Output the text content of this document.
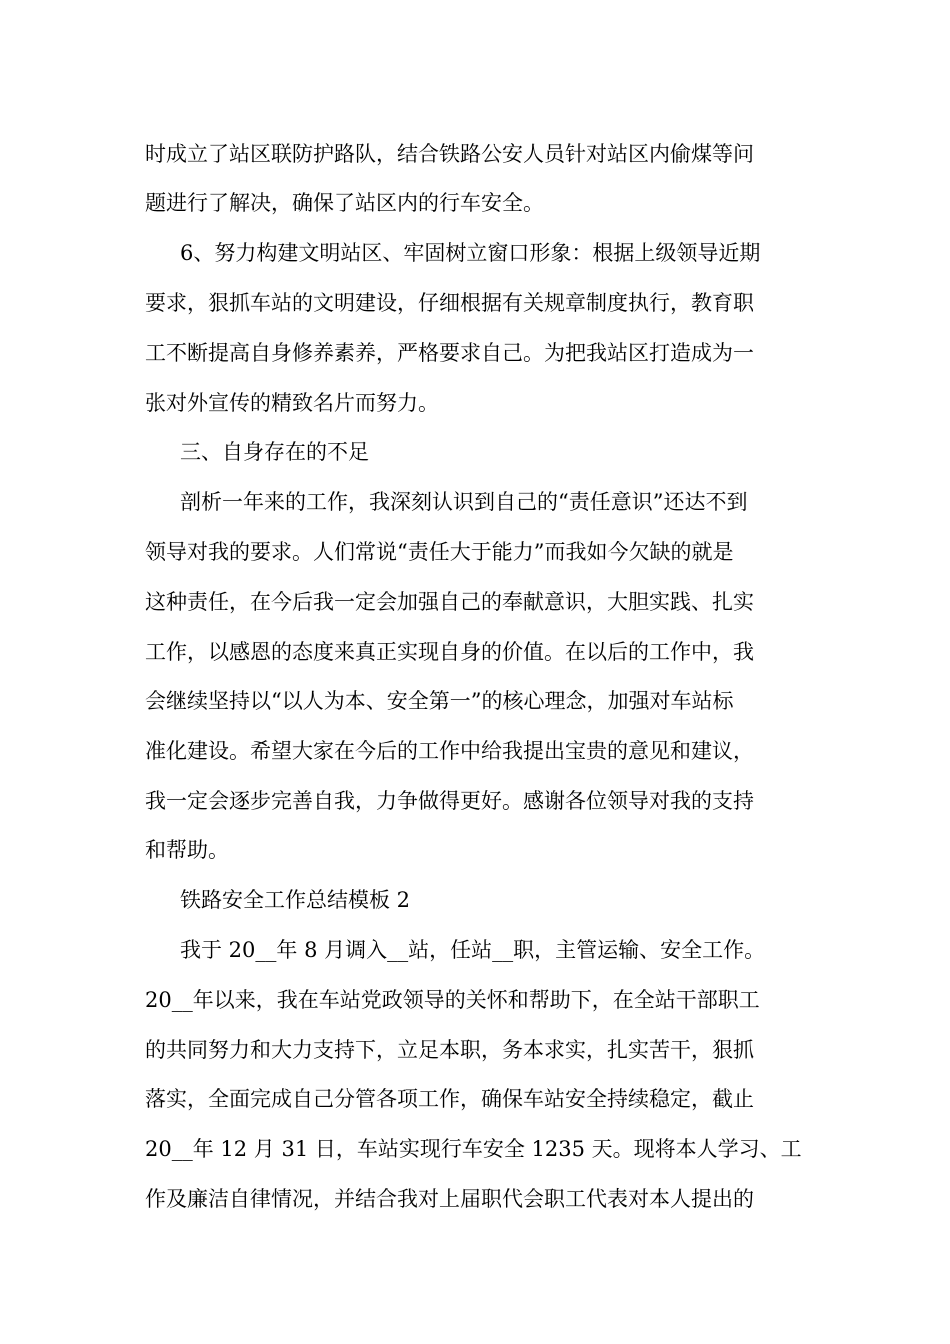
时成立了站区联防护路队，结合铁路公安人员针对站区内偷煤等问

题进行了解决，确保了站区内的行车安全。

6、努力构建文明站区、牢固树立窗口形象：根据上级领导近期

要求，狠抓车站的文明建设，仔细根据有关规章制度执行，教育职

工不断提高自身修养素养，严格要求自己。为把我站区打造成为一

张对外宣传的精致名片而努力。

三、自身存在的不足

剖析一年来的工作，我深刻认识到自己的“责任意识”还达不到

领导对我的要求。人们常说“责任大于能力”而我如今欠缺的就是

这种责任，在今后我一定会加强自己的奉献意识，大胆实践、扎实

工作，以感恩的态度来真正实现自身的价值。在以后的工作中，我

会继续坚持以“以人为本、安全第一”的核心理念，加强对车站标

准化建设。希望大家在今后的工作中给我提出宝贵的意见和建议，

我一定会逐步完善自我，力争做得更好。感谢各位领导对我的支持

和帮助。

铁路安全工作总结模板 2

我于 20__年 8 月调入__站，任站__职，主管运输、安全工作。

20__年以来，我在车站党政领导的关怀和帮助下，在全站干部职工

的共同努力和大力支持下，立足本职，务本求实，扎实苦干，狠抓

落实，全面完成自己分管各项工作，确保车站安全持续稳定，截止

20__年 12 月 31 日，车站实现行车安全 1235 天。现将本人学习、工

作及廉洁自律情况，并结合我对上届职代会职工代表对本人提出的
